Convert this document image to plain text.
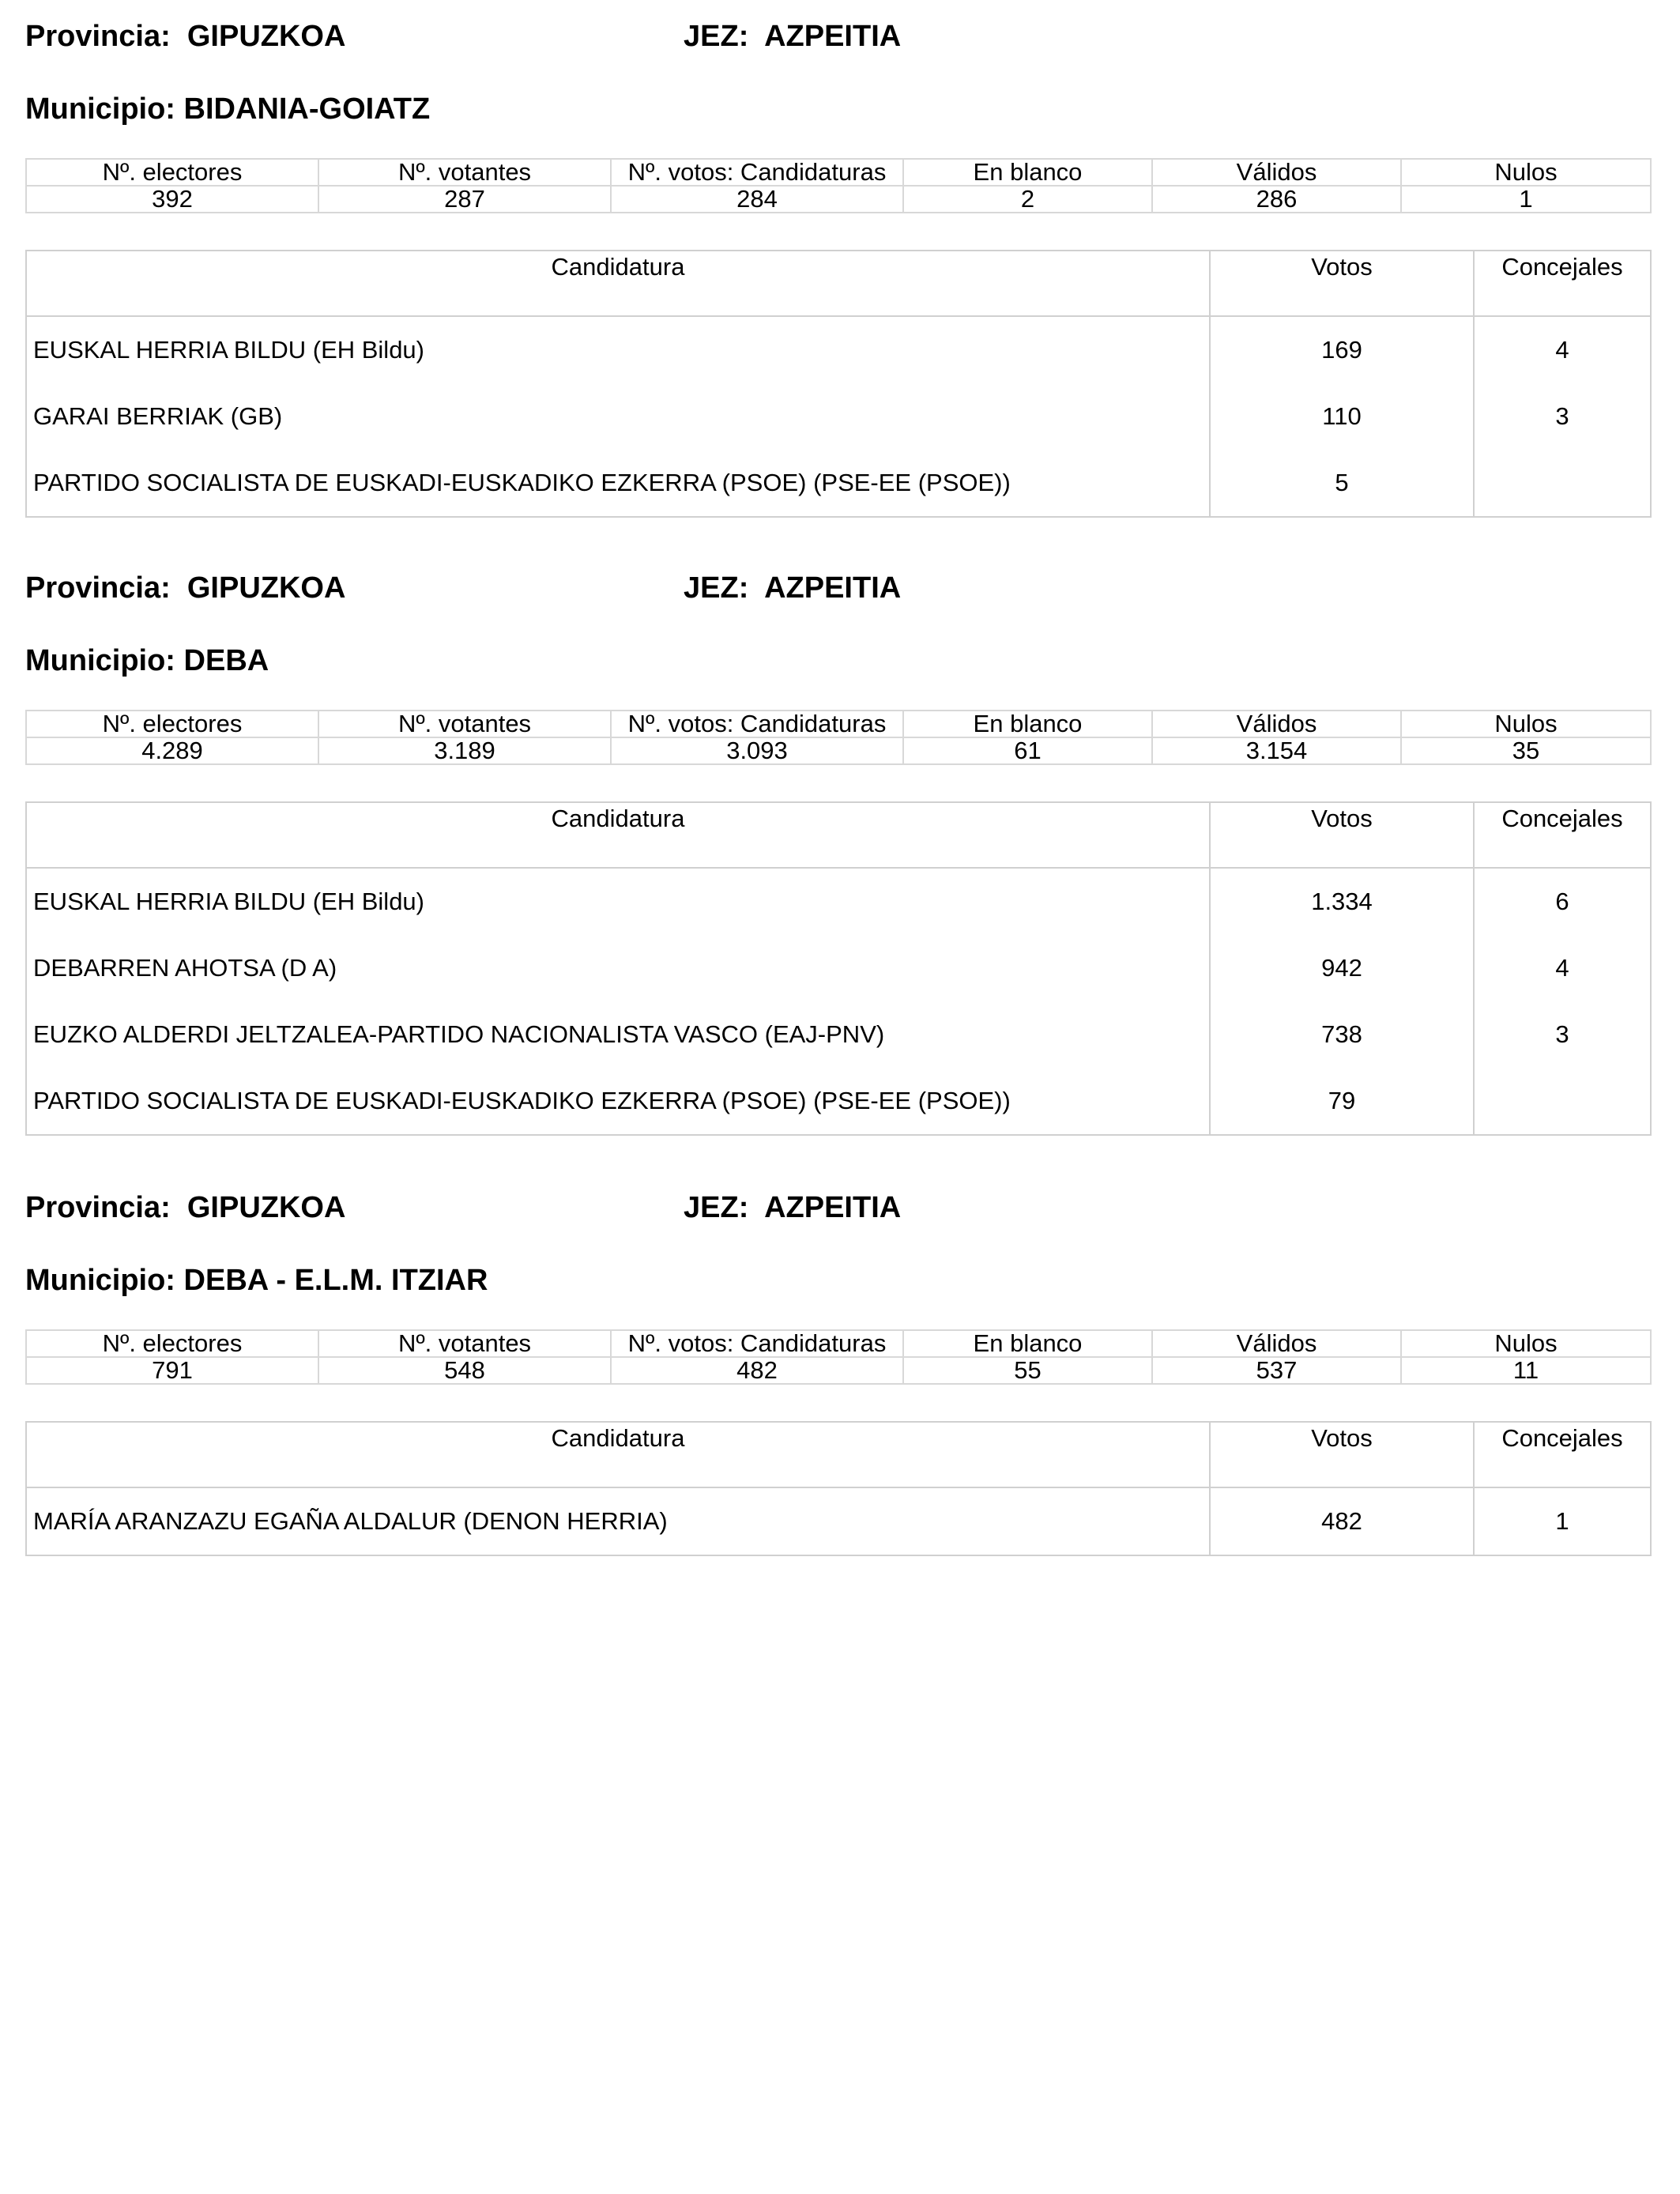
Provincia: GIPUZKOA	JEZ: AZPEITIA
Municipio: BIDANIA-GOIATZ
Nº. electores	Nº. votantes	Nº. votos: Candidaturas	En blanco	Válidos	Nulos
392	287	284	2	286	1
Candidatura	Votos	Concejales
EUSKAL HERRIA BILDU (EH Bildu)	169	4
GARAI BERRIAK (GB)	110	3
PARTIDO SOCIALISTA DE EUSKADI-EUSKADIKO EZKERRA (PSOE) (PSE-EE (PSOE))	5	
Provincia: GIPUZKOA	JEZ: AZPEITIA
Municipio: DEBA
Nº. electores	Nº. votantes	Nº. votos: Candidaturas	En blanco	Válidos	Nulos
4.289	3.189	3.093	61	3.154	35
Candidatura	Votos	Concejales
EUSKAL HERRIA BILDU (EH Bildu)	1.334	6
DEBARREN AHOTSA (D A)	942	4
EUZKO ALDERDI JELTZALEA-PARTIDO NACIONALISTA VASCO (EAJ-PNV)	738	3
PARTIDO SOCIALISTA DE EUSKADI-EUSKADIKO EZKERRA (PSOE) (PSE-EE (PSOE))	79	
Provincia: GIPUZKOA	JEZ: AZPEITIA
Municipio: DEBA - E.L.M. ITZIAR
Nº. electores	Nº. votantes	Nº. votos: Candidaturas	En blanco	Válidos	Nulos
791	548	482	55	537	11
Candidatura	Votos	Concejales
MARÍA ARANZAZU EGAÑA ALDALUR (DENON HERRIA)	482	1
